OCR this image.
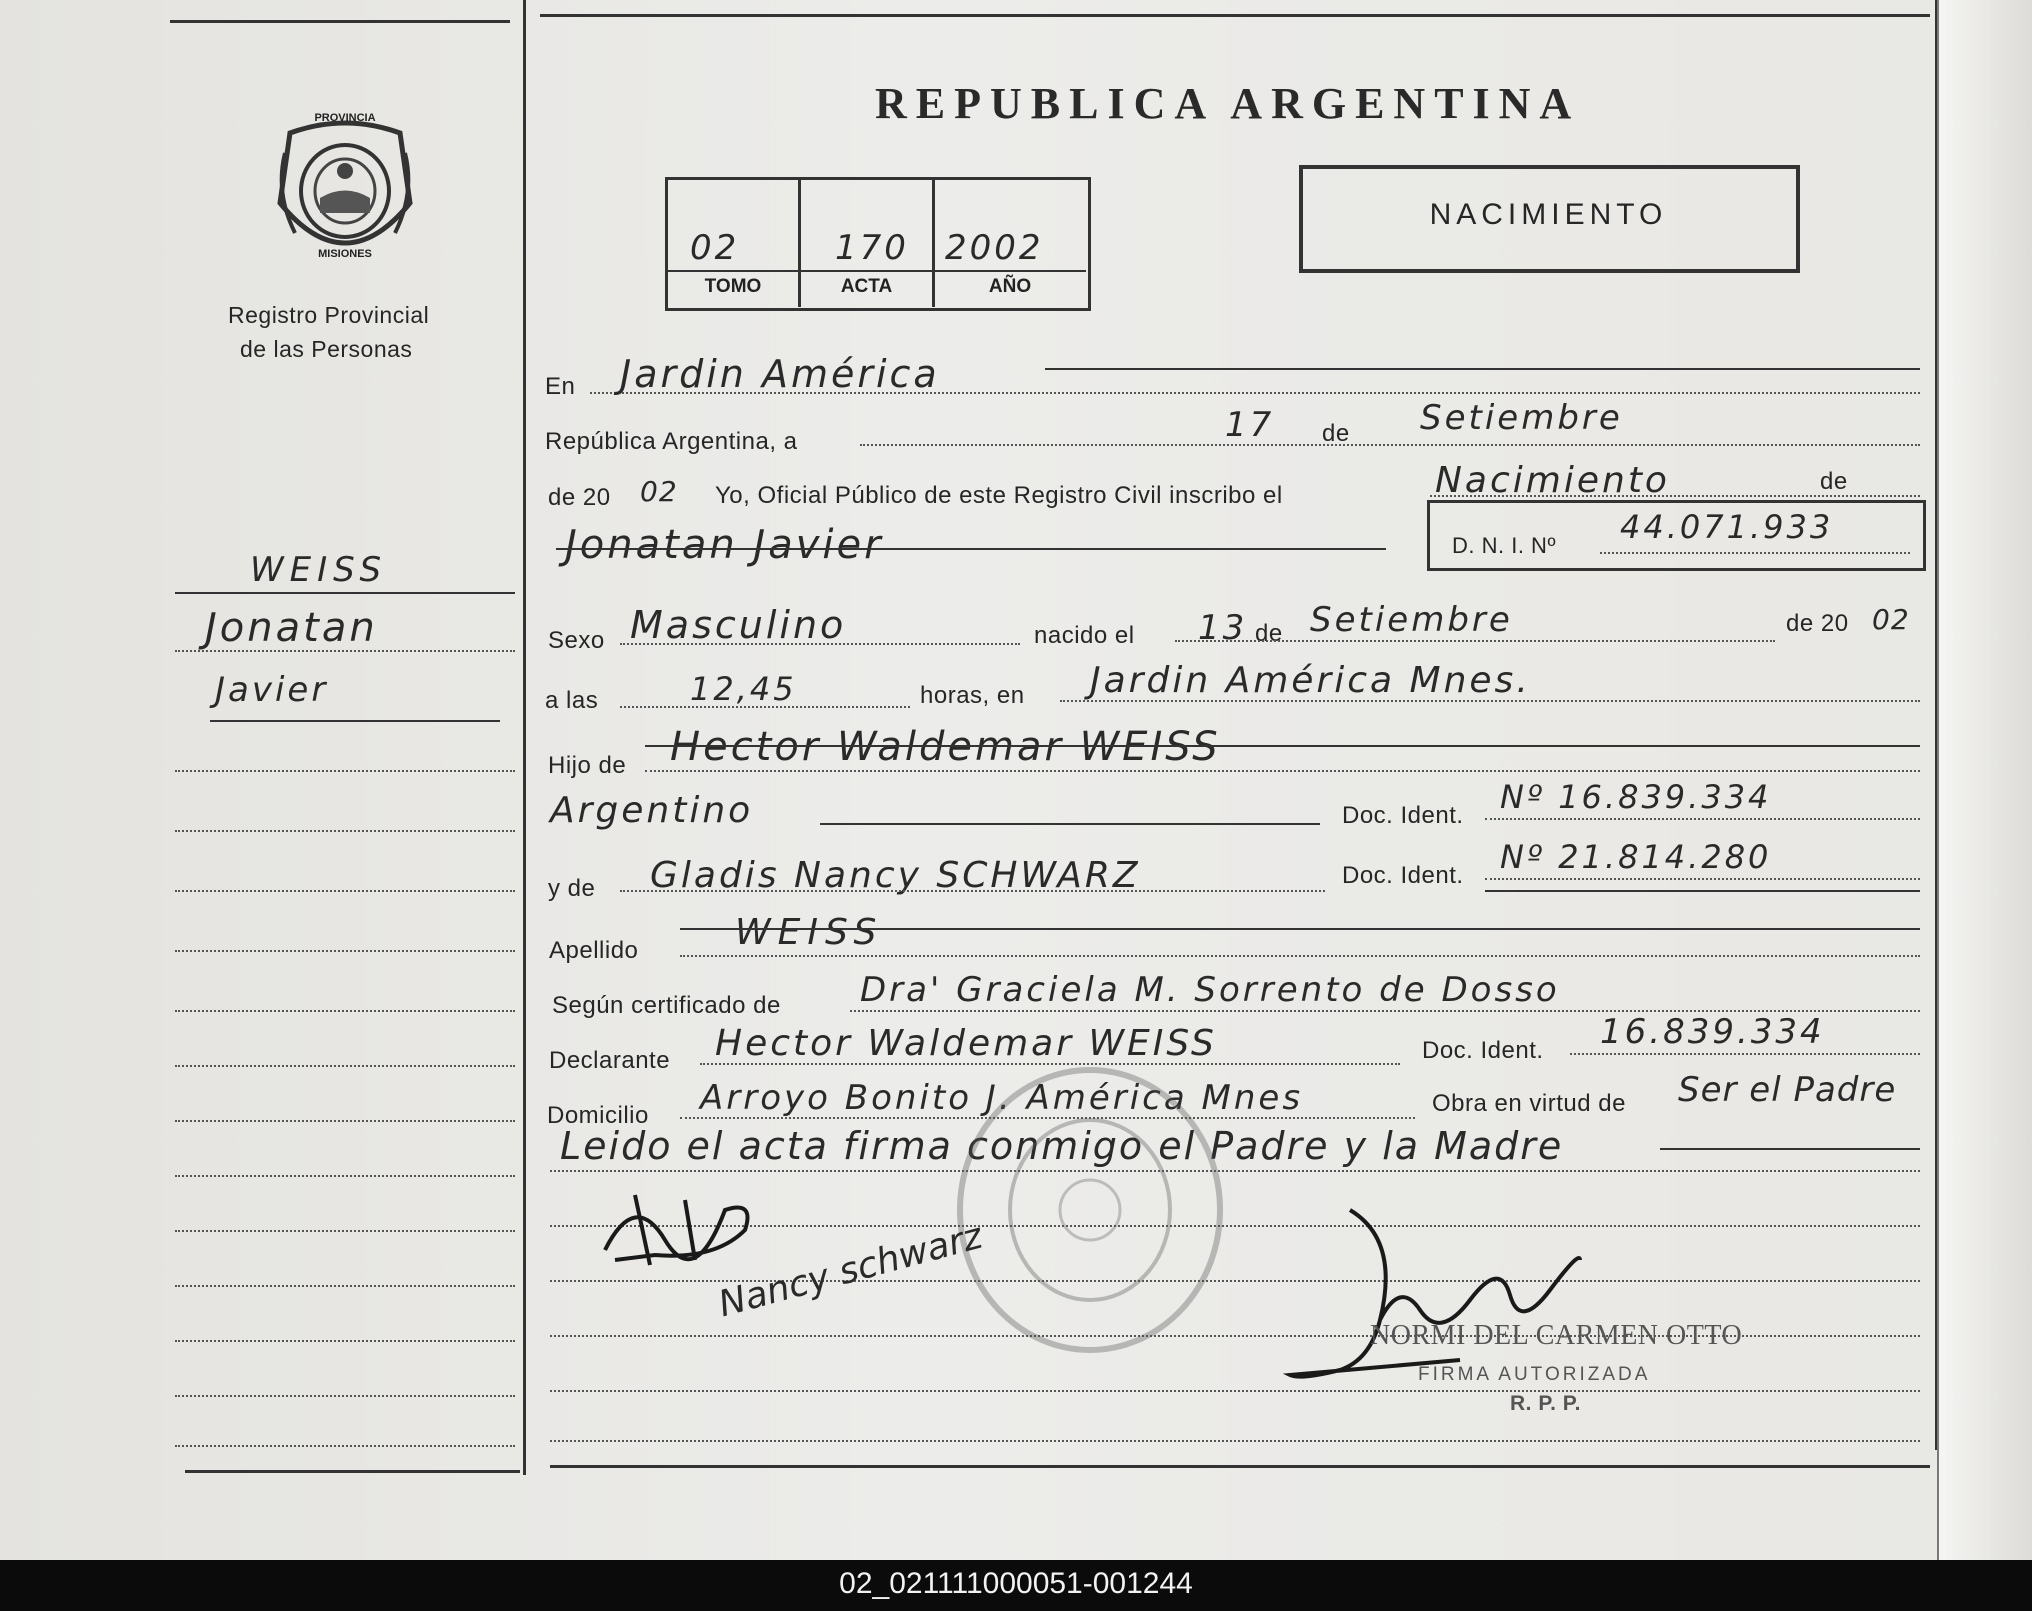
PROVINCIA
MISIONES
Registro Provincial
de las Personas
WEISS
Jonatan
Javier
REPUBLICA ARGENTINA
02	170 2002
TOMO	ACTA	AÑO
NACIMIENTO
En Jardin América
República Argentina, a	17 de Setiembre
de 20 02 Yo, Oficial Público de este Registro Civil inscribo el	Nacimiento	de
Jonatan Javier	D. N. I. Nº 44.071.933
Sexo Masculino	nacido el 13 de Setiembre	de 20 02
a las	12,45	horas, en Jardin América Mnes.
Hijo de Hector Waldemar WEISS
Argentino	Doc. Ident. Nº 16.839.334
y de Gladis Nancy SCHWARZ	Doc. Ident. Nº 21.814.280
Apellido	WEISS
Según certificado de Dra' Graciela M. Sorrento de Dosso
Declarante Hector Waldemar WEISS	Doc. Ident. 16.839.334
Domicilio Arroyo Bonito J. América Mnes	Obra en virtud de Ser el Padre
Leido el acta firma conmigo el Padre y la Madre
Nancy schwarz
NORMI DEL CARMEN OTTO
FIRMA AUTORIZADA
R. P. P.
02_021111000051-001244
